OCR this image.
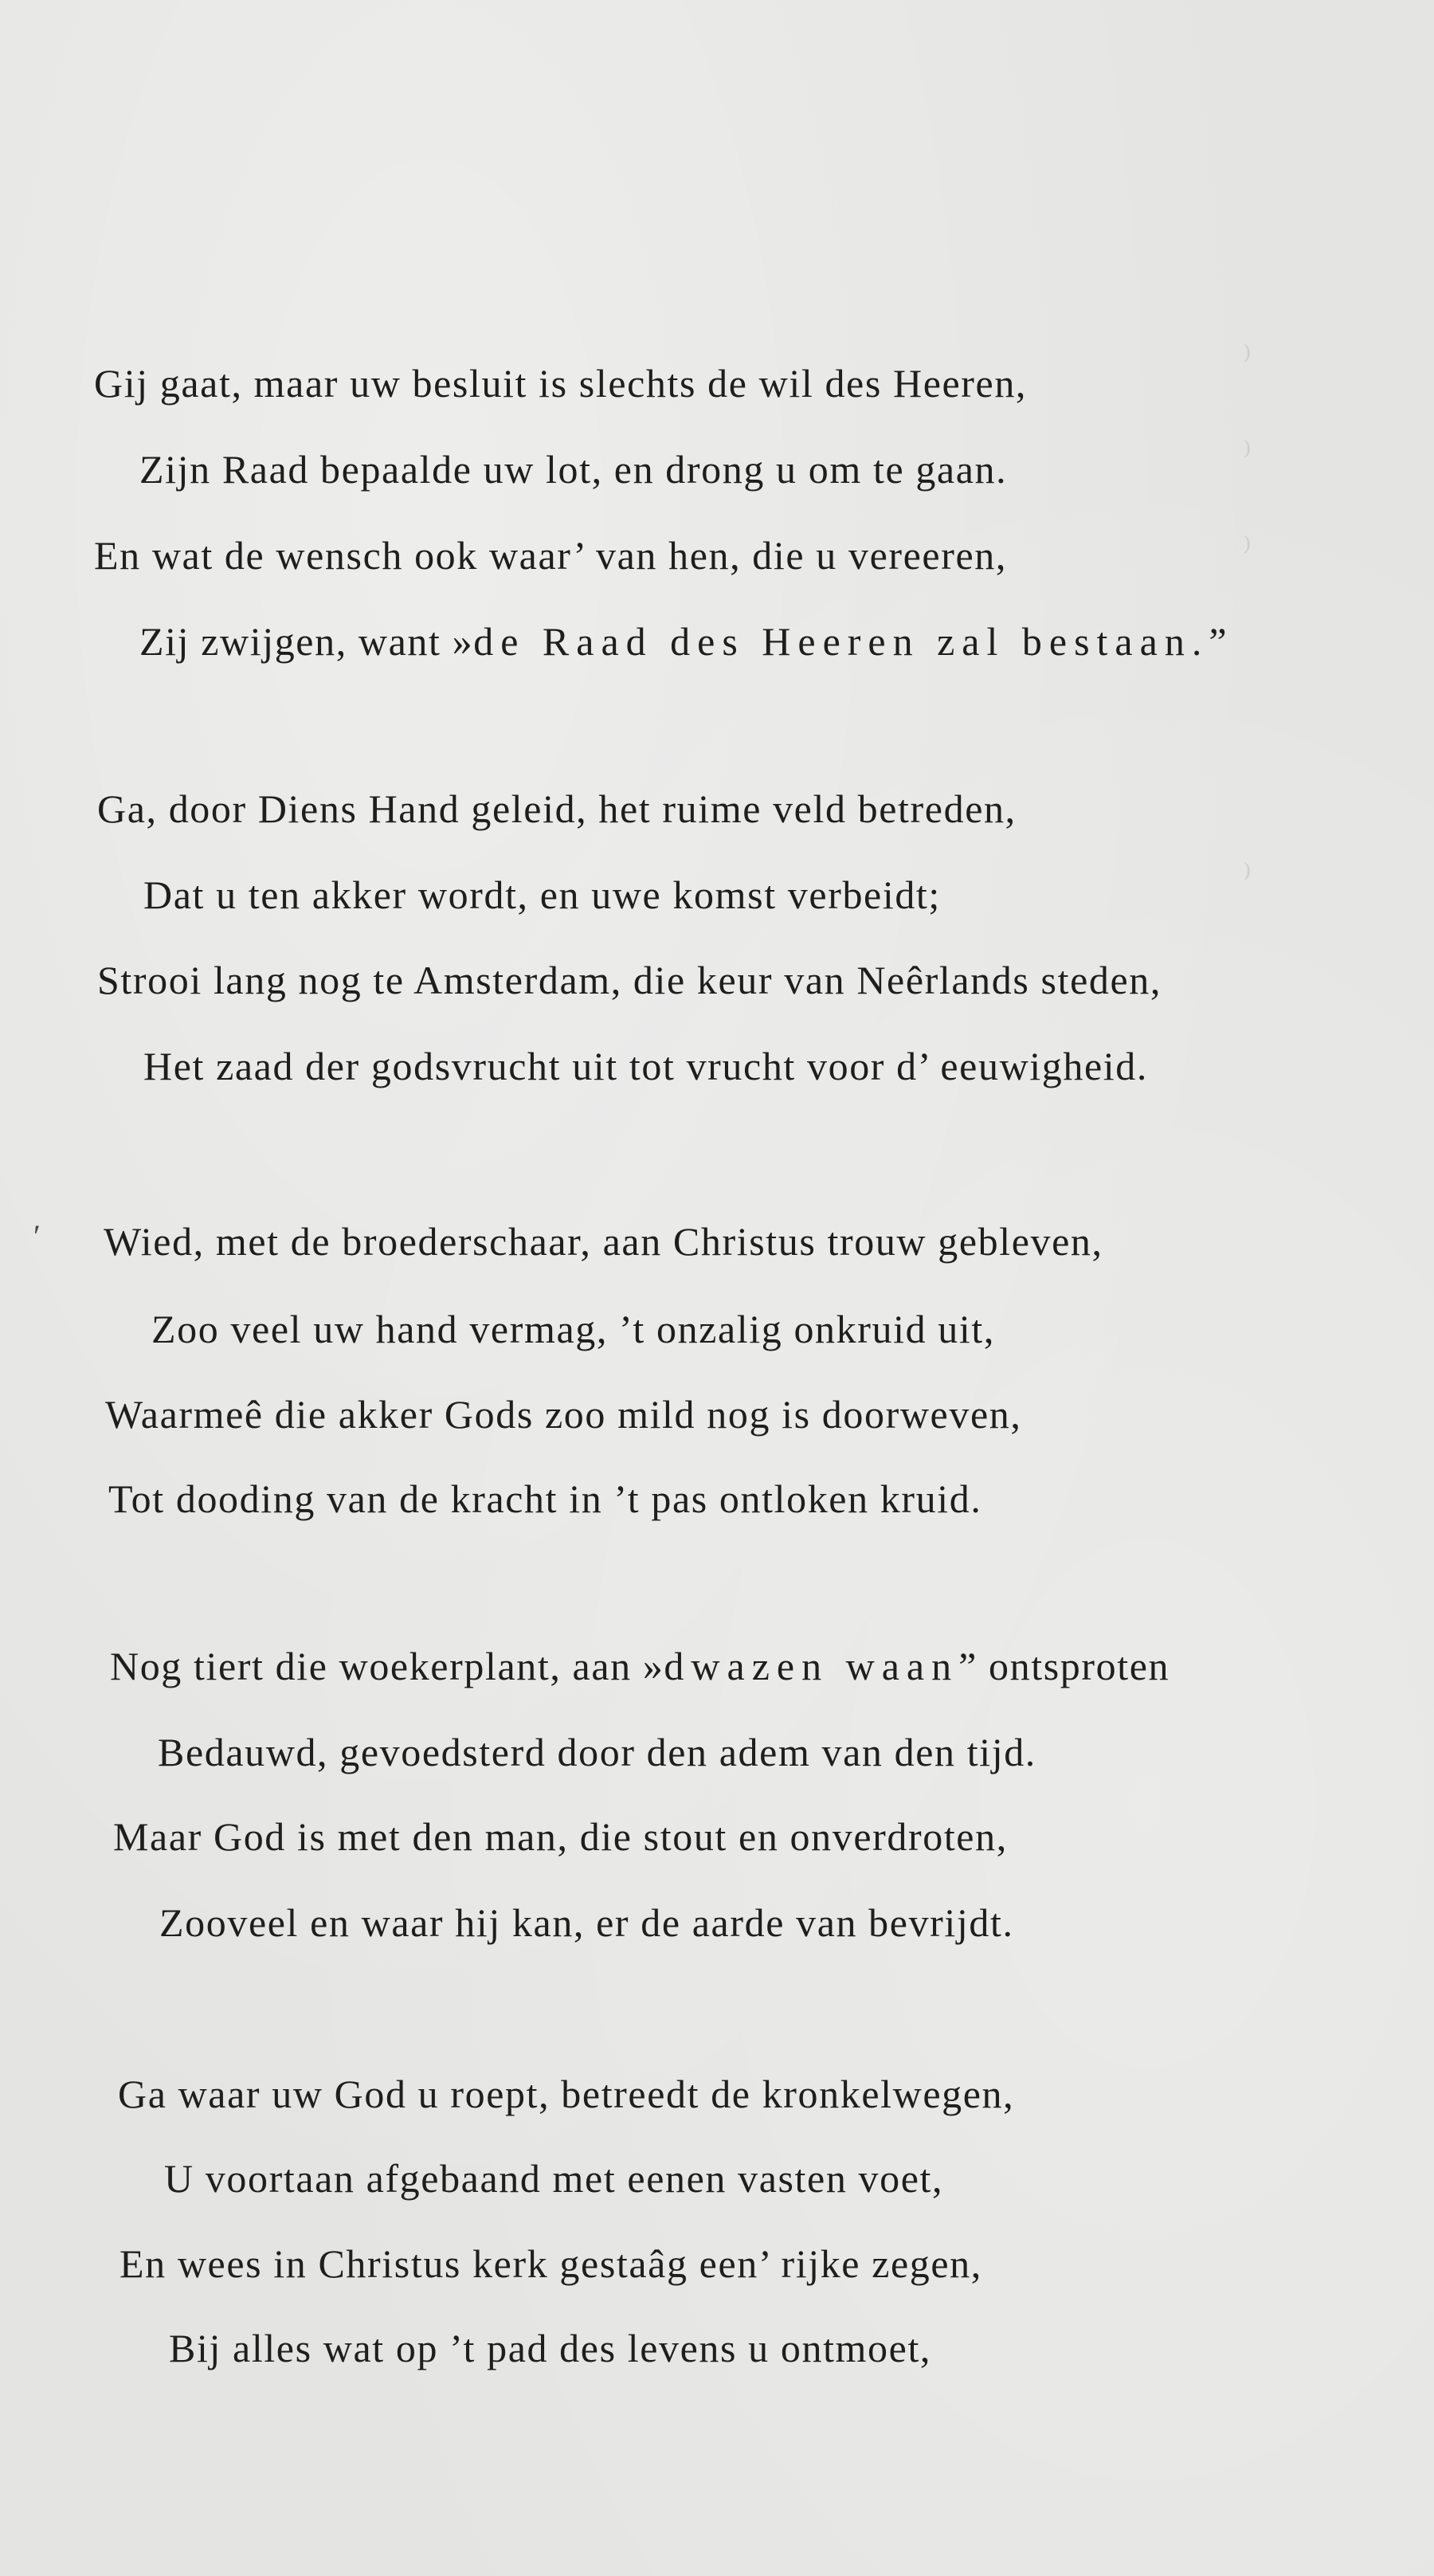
⁾
⁾
⁾
⁾
Gij gaat, maar uw besluit is slechts de wil des Heeren,
Zijn Raad bepaalde uw lot, en drong u om te gaan.
En wat de wensch ook waar’ van hen, die u vereeren,
Zij zwijgen, want »de Raad des Heeren zal bestaan.”
Ga, door Diens Hand geleid, het ruime veld betreden,
Dat u ten akker wordt, en uwe komst verbeidt;
Strooi lang nog te Amsterdam, die keur van Neêrlands steden,
Het zaad der godsvrucht uit tot vrucht voor d’ eeuwigheid.
ʹ Wied, met de broederschaar, aan Christus trouw gebleven,
Zoo veel uw hand vermag, ’t onzalig onkruid uit,
Waarmeê die akker Gods zoo mild nog is doorweven,
Tot dooding van de kracht in ’t pas ontloken kruid.
Nog tiert die woekerplant, aan »dwazen waan” ontsproten
Bedauwd, gevoedsterd door den adem van den tijd.
Maar God is met den man, die stout en onverdroten,
Zooveel en waar hij kan, er de aarde van bevrijdt.
Ga waar uw God u roept, betreedt de kronkelwegen,
U voortaan afgebaand met eenen vasten voet,
En wees in Christus kerk gestaâg een’ rijke zegen,
Bij alles wat op ’t pad des levens u ontmoet,
